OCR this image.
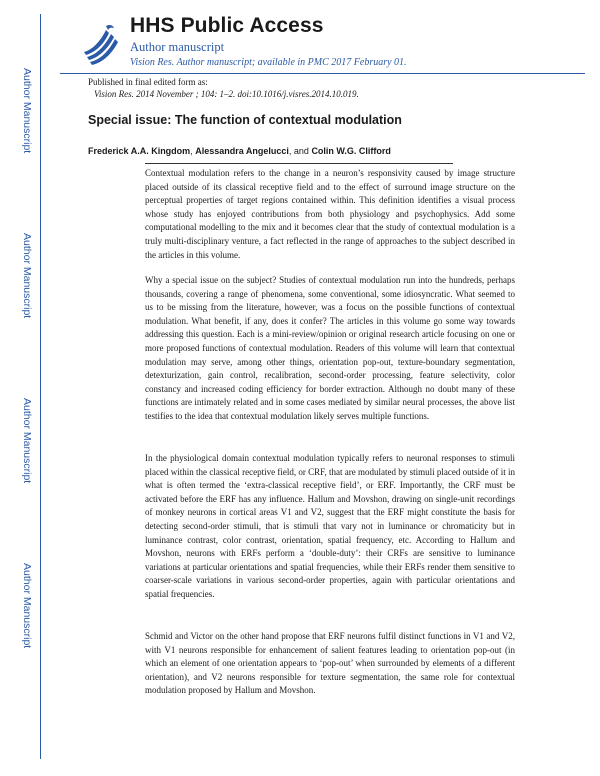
Author Manuscript
Author Manuscript
Author Manuscript
Author Manuscript
HHS Public Access
Author manuscript
Vision Res. Author manuscript; available in PMC 2017 February 01.
Published in final edited form as:
Vision Res. 2014 November ; 104: 1–2. doi:10.1016/j.visres.2014.10.019.
Special issue: The function of contextual modulation
Frederick A.A. Kingdom, Alessandra Angelucci, and Colin W.G. Clifford

Contextual modulation refers to the change in a neuron’s responsivity caused by image structure placed outside of its classical receptive field and to the effect of surround image structure on the perceptual properties of target regions contained within. This definition identifies a visual process whose study has enjoyed contributions from both physiology and psychophysics. Add some computational modelling to the mix and it becomes clear that the study of contextual modulation is a truly multi-disciplinary venture, a fact reflected in the range of approaches to the subject described in the articles in this volume.

Why a special issue on the subject? Studies of contextual modulation run into the hundreds, perhaps thousands, covering a range of phenomena, some conventional, some idiosyncratic. What seemed to us to be missing from the literature, however, was a focus on the possible functions of contextual modulation. What benefit, if any, does it confer? The articles in this volume go some way towards addressing this question. Each is a mini-review/opinion or original research article focusing on one or more proposed functions of contextual modulation. Readers of this volume will learn that contextual modulation may serve, among other things, orientation pop-out, texture-boundary segmentation, detexturization, gain control, recalibration, second-order processing, feature selectivity, color constancy and increased coding efficiency for border extraction. Although no doubt many of these functions are intimately related and in some cases mediated by similar neural processes, the above list testifies to the idea that contextual modulation likely serves multiple functions.

In the physiological domain contextual modulation typically refers to neuronal responses to stimuli placed within the classical receptive field, or CRF, that are modulated by stimuli placed outside of it in what is often termed the ‘extra-classical receptive field’, or ERF. Importantly, the CRF must be activated before the ERF has any influence. Hallum and Movshon, drawing on single-unit recordings of monkey neurons in cortical areas V1 and V2, suggest that the ERF might constitute the basis for detecting second-order stimuli, that is stimuli that vary not in luminance or chromaticity but in luminance contrast, color contrast, orientation, spatial frequency, etc. According to Hallum and Movshon, neurons with ERFs perform a ‘double-duty’: their CRFs are sensitive to luminance variations at particular orientations and spatial frequencies, while their ERFs render them sensitive to coarser-scale variations in various second-order properties, again with particular orientations and spatial frequencies.

Schmid and Victor on the other hand propose that ERF neurons fulfil distinct functions in V1 and V2, with V1 neurons responsible for enhancement of salient features leading to orientation pop-out (in which an element of one orientation appears to ‘pop-out’ when surrounded by elements of a different orientation), and V2 neurons responsible for texture segmentation, the same role for contextual modulation proposed by Hallum and Movshon.
